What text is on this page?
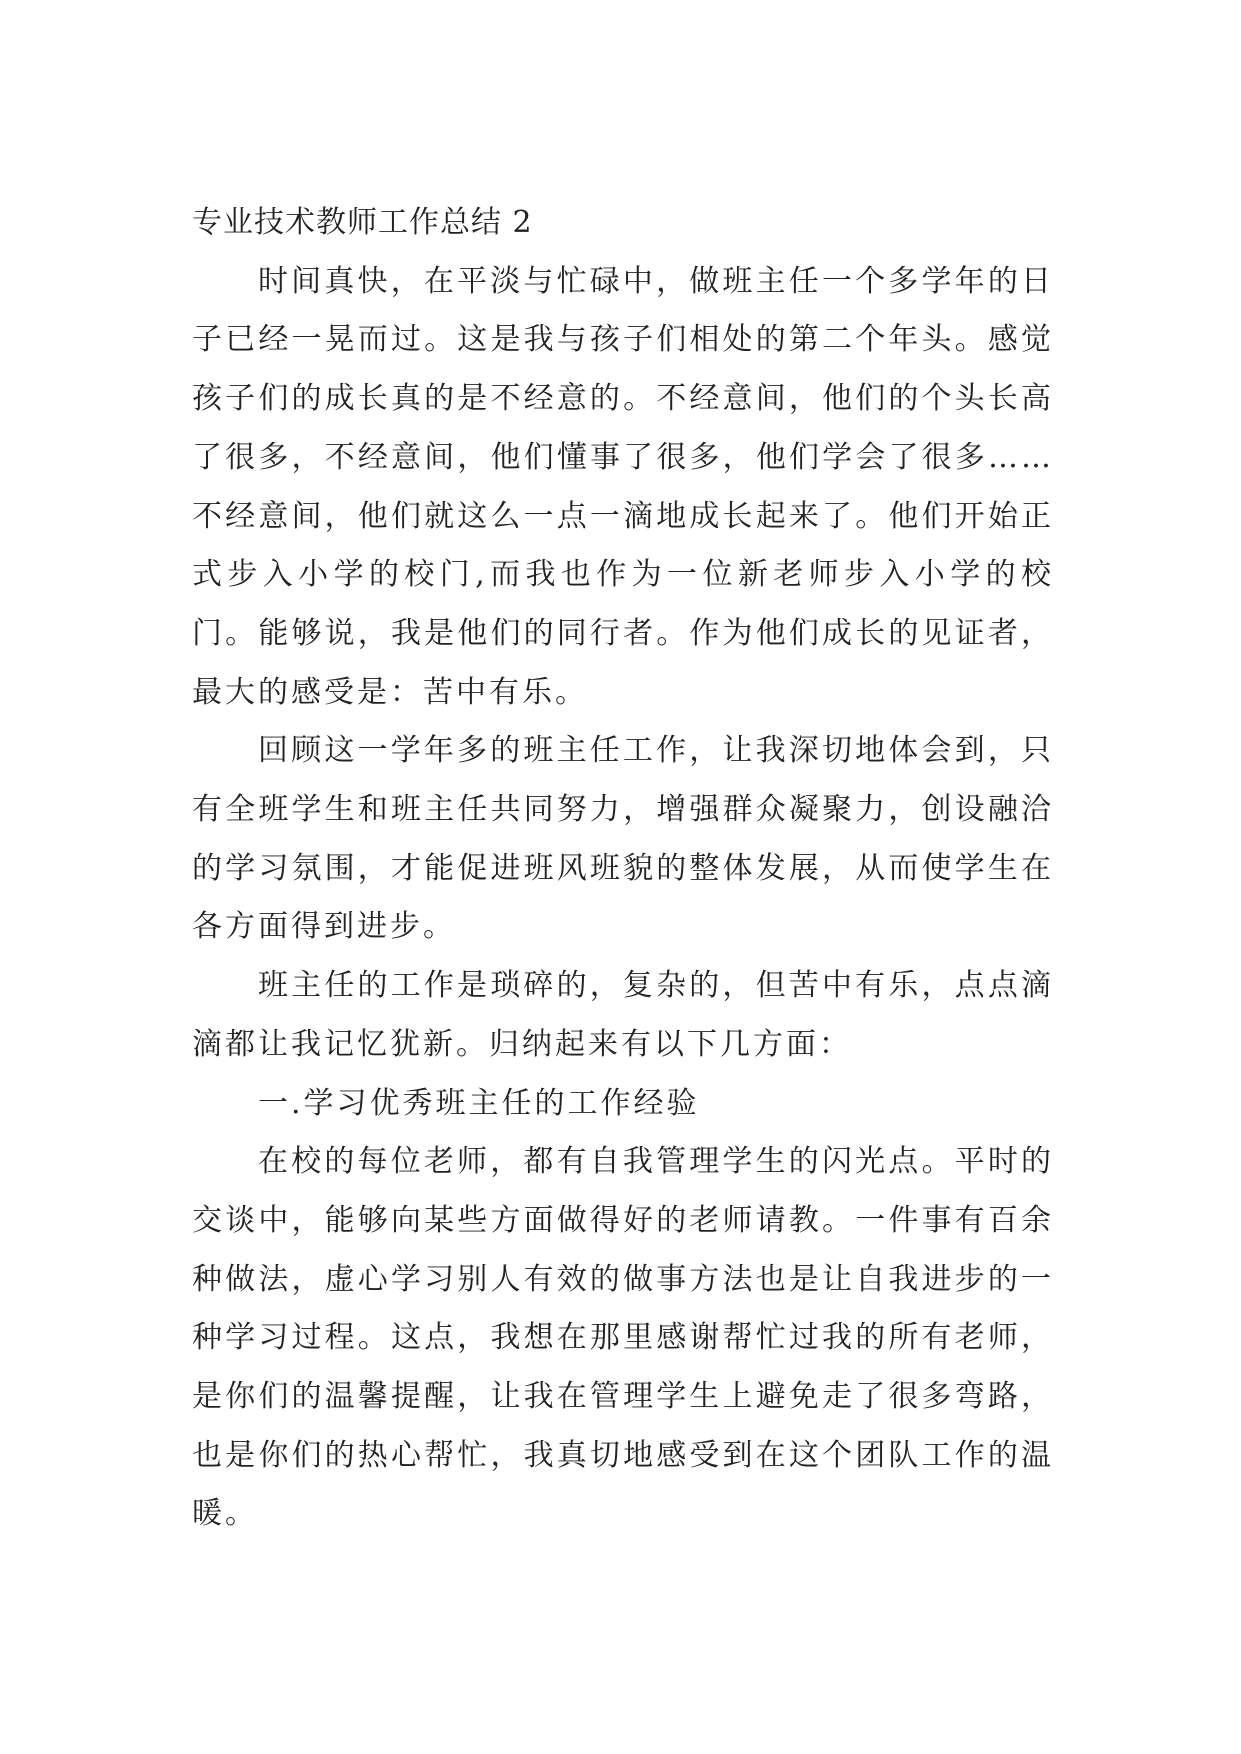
专业技术教师工作总结 2

时间真快，在平淡与忙碌中，做班主任一个多学年的日子已经一晃而过。这是我与孩子们相处的第二个年头。感觉孩子们的成长真的是不经意的。不经意间，他们的个头长高了很多，不经意间，他们懂事了很多，他们学会了很多……不经意间，他们就这么一点一滴地成长起来了。他们开始正式步入小学的校门,而我也作为一位新老师步入小学的校门。能够说，我是他们的同行者。作为他们成长的见证者，最大的感受是：苦中有乐。

回顾这一学年多的班主任工作，让我深切地体会到，只有全班学生和班主任共同努力，增强群众凝聚力，创设融洽的学习氛围，才能促进班风班貌的整体发展，从而使学生在各方面得到进步。

班主任的工作是琐碎的，复杂的，但苦中有乐，点点滴滴都让我记忆犹新。归纳起来有以下几方面：

一.学习优秀班主任的工作经验

在校的每位老师，都有自我管理学生的闪光点。平时的交谈中，能够向某些方面做得好的老师请教。一件事有百余种做法，虚心学习别人有效的做事方法也是让自我进步的一种学习过程。这点，我想在那里感谢帮忙过我的所有老师，是你们的温馨提醒，让我在管理学生上避免走了很多弯路，也是你们的热心帮忙，我真切地感受到在这个团队工作的温暖。
